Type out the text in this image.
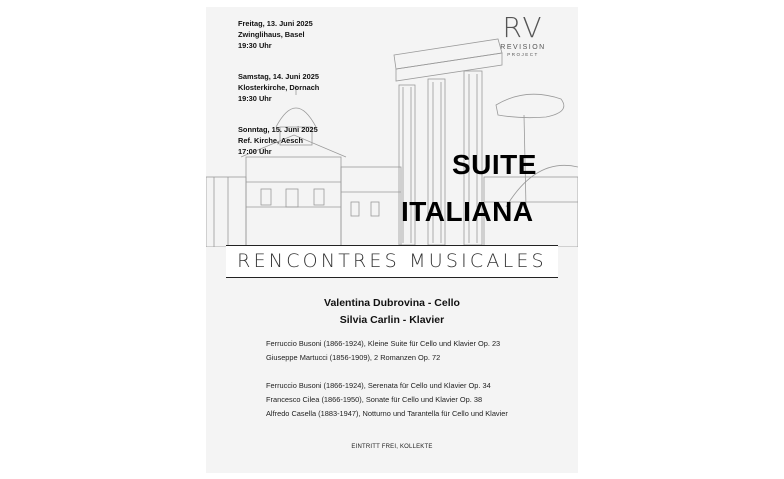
Freitag, 13. Juni 2025
Zwinglihaus, Basel
19:30 Uhr
Samstag, 14. Juni 2025
Klosterkirche, Dornach
19:30 Uhr
Sonntag, 15. Juni 2025
Ref. Kirche, Aesch
17:00 Uhr
RV
REVISION
PROJECT
SUITE
ITALIANA
RENCONTRES MUSICALES
Valentina Dubrovina - Cello
Silvia Carlin - Klavier
Ferruccio Busoni (1866-1924), Kleine Suite für Cello und Klavier Op. 23
Giuseppe Martucci (1856-1909), 2 Romanzen Op. 72
Ferruccio Busoni (1866-1924), Serenata für Cello und Klavier Op. 34
Francesco Cilea (1866-1950), Sonate für Cello und Klavier Op. 38
Alfredo Casella (1883-1947), Notturno und Tarantella für Cello und Klavier
EINTRITT FREI, KOLLEKTE
